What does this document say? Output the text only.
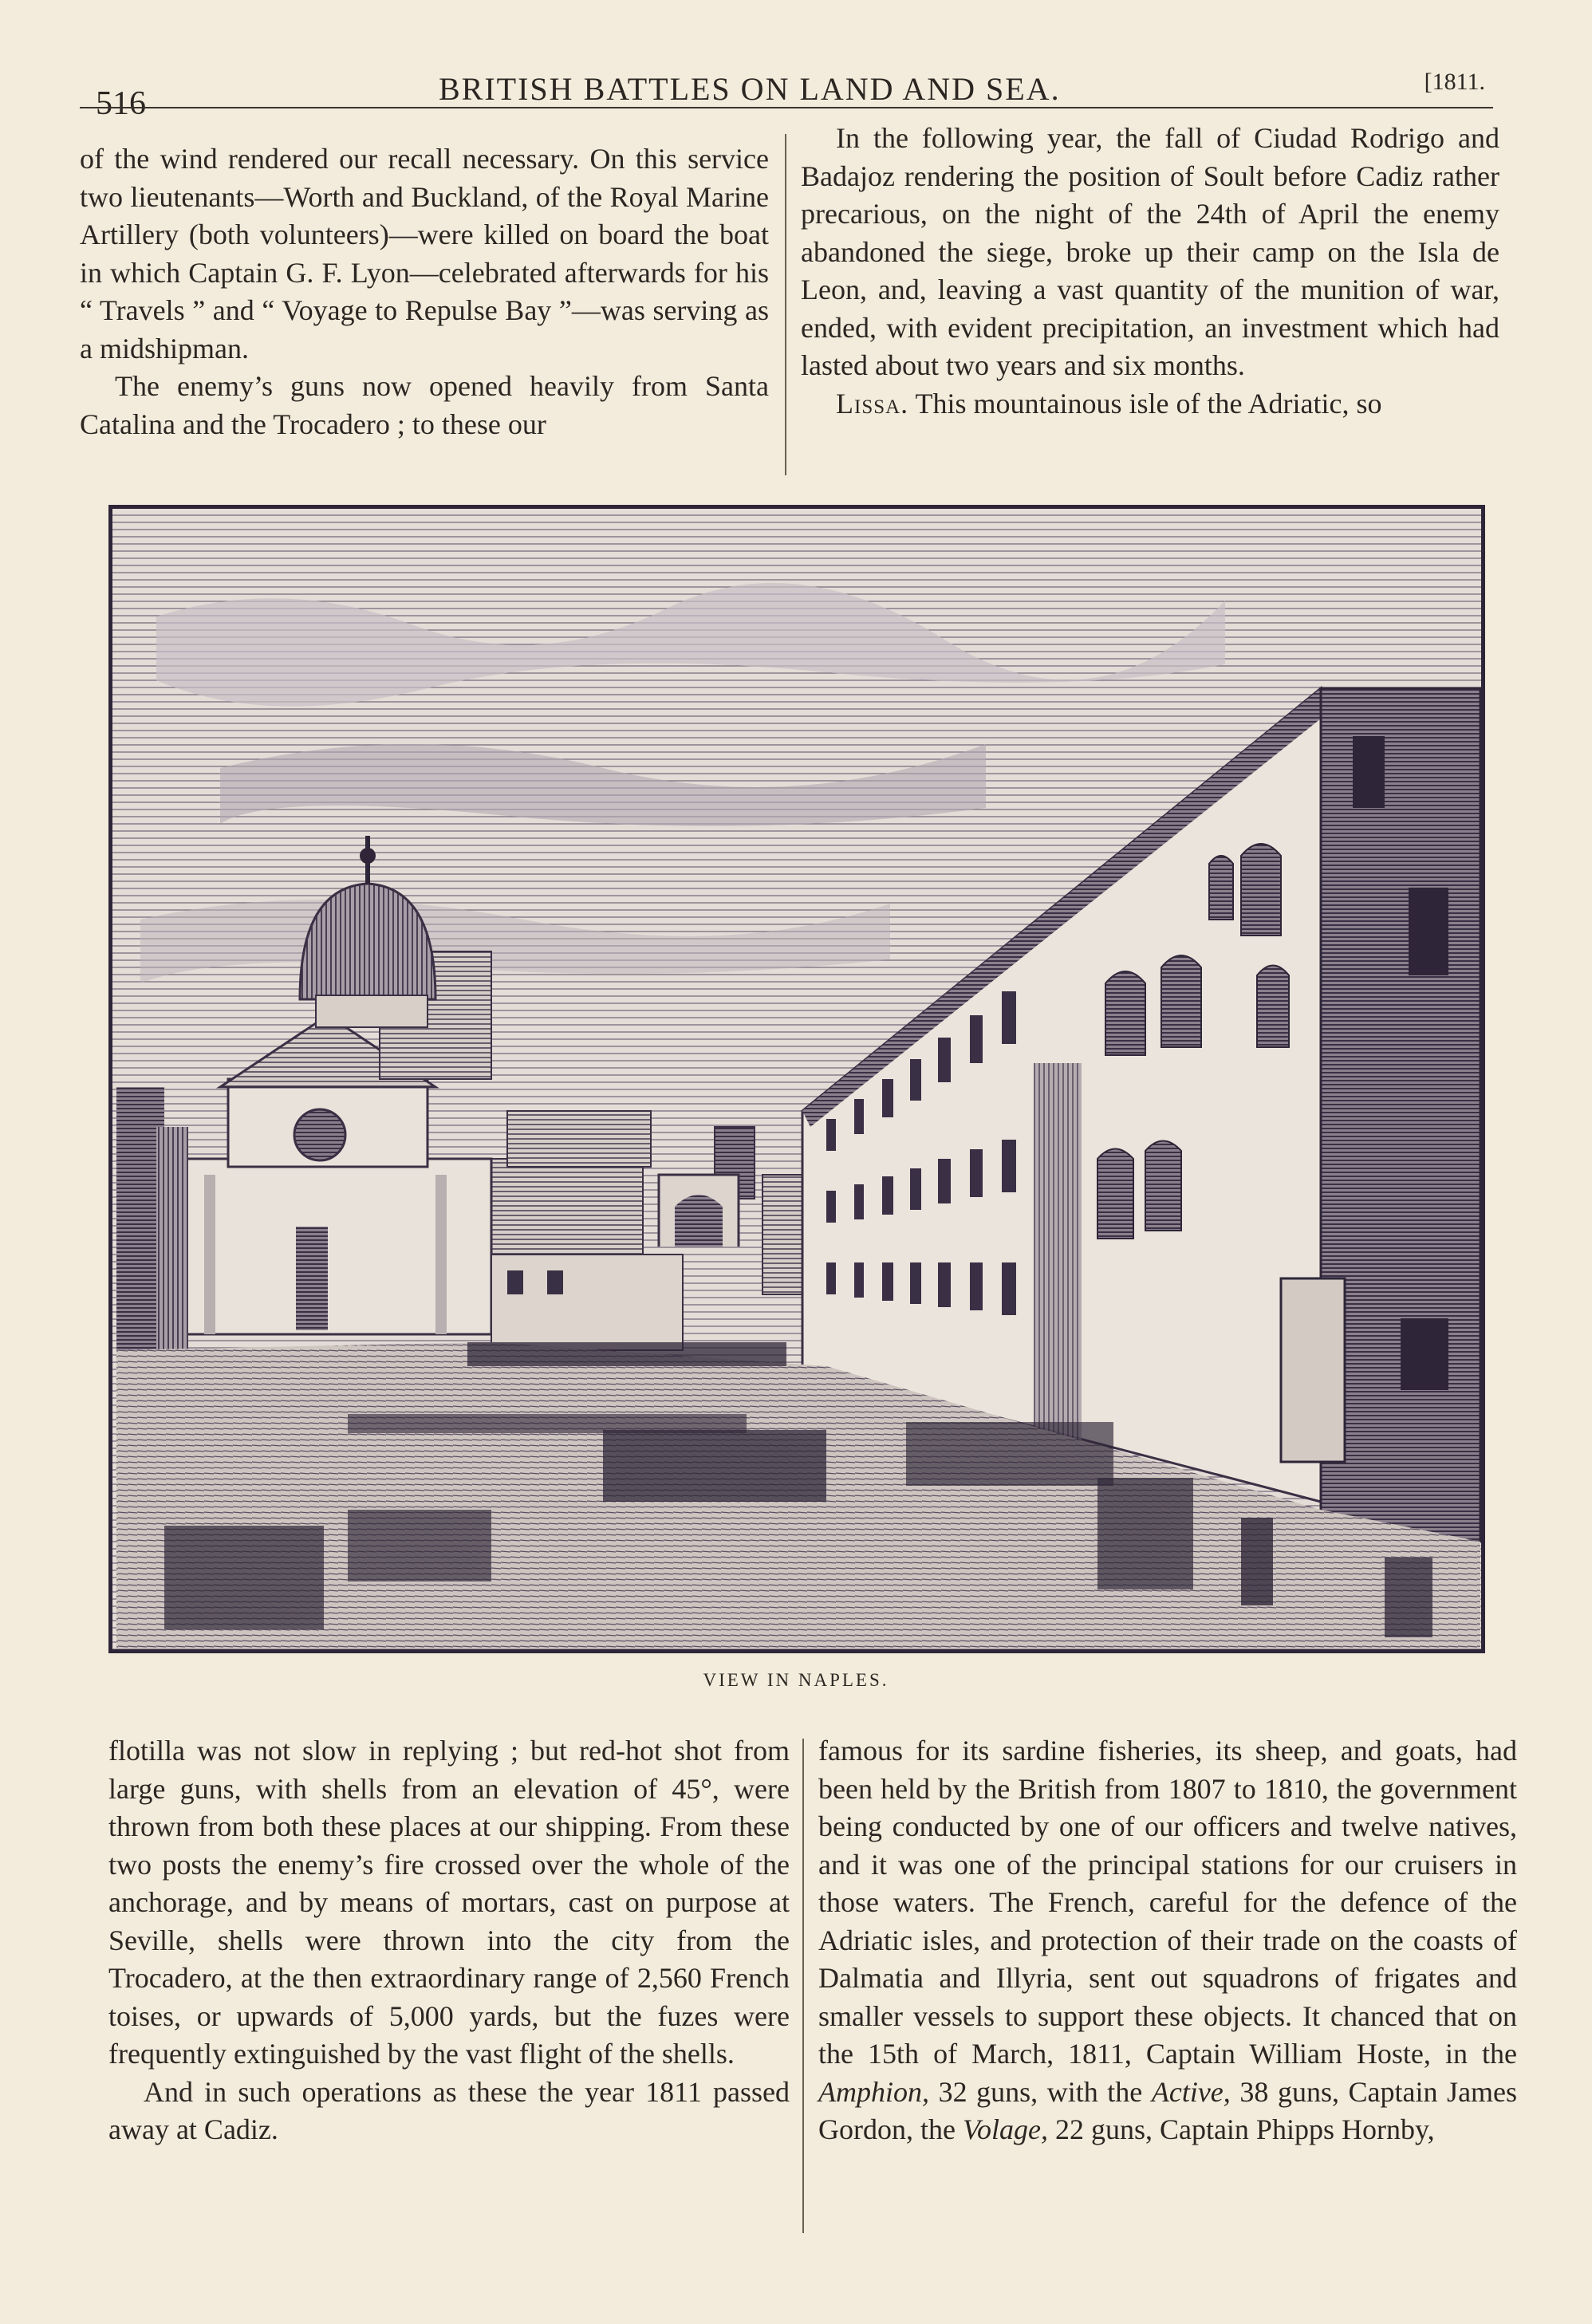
516	BRITISH BATTLES ON LAND AND SEA.	[1811.

of the wind rendered our recall necessary. On this service two lieutenants—Worth and Buckland, of the Royal Marine Artillery (both volunteers)—were killed on board the boat in which Captain G. F. Lyon—celebrated afterwards for his “ Travels ” and “ Voyage to Repulse Bay ”—was serving as a midshipman.

The enemy’s guns now opened heavily from Santa Catalina and the Trocadero ; to these our

In the following year, the fall of Ciudad Rodrigo and Badajoz rendering the position of Soult before Cadiz rather precarious, on the night of the 24th of April the enemy abandoned the siege, broke up their camp on the Isla de Leon, and, leaving a vast quantity of the munition of war, ended, with evident precipitation, an investment which had lasted about two years and six months.

Lissa. This mountainous isle of the Adriatic, so

VIEW IN NAPLES.

flotilla was not slow in replying ; but red-hot shot from large guns, with shells from an elevation of 45°, were thrown from both these places at our shipping. From these two posts the enemy’s fire crossed over the whole of the anchorage, and by means of mortars, cast on purpose at Seville, shells were thrown into the city from the Trocadero, at the then extraordinary range of 2,560 French toises, or upwards of 5,000 yards, but the fuzes were frequently extinguished by the vast flight of the shells.

And in such operations as these the year 1811 passed away at Cadiz.

famous for its sardine fisheries, its sheep, and goats, had been held by the British from 1807 to 1810, the government being conducted by one of our officers and twelve natives, and it was one of the principal stations for our cruisers in those waters. The French, careful for the defence of the Adriatic isles, and protection of their trade on the coasts of Dalmatia and Illyria, sent out squadrons of frigates and smaller vessels to support these objects. It chanced that on the 15th of March, 1811, Captain William Hoste, in the Amphion, 32 guns, with the Active, 38 guns, Captain James Gordon, the Volage, 22 guns, Captain Phipps Hornby,
